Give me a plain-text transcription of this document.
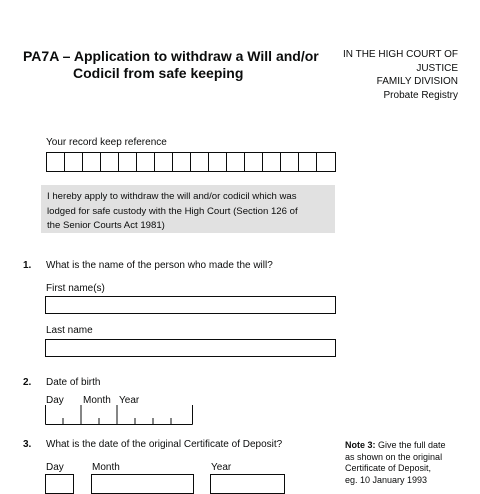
PA7A – Application to withdraw a Will and/or
Codicil from safe keeping
IN THE HIGH COURT OF
JUSTICE
FAMILY DIVISION
Probate Registry
Your record keep reference
I hereby apply to withdraw the will and/or codicil which was
lodged for safe custody with the High Court (Section 126 of
the Senior Courts Act 1981)
1. What is the name of the person who made the will?
First name(s)
Last name
2. Date of birth
Day Month Year
3. What is the date of the original Certificate of Deposit?
Day	Month	Year
Note 3: Give the full date
as shown on the original
Certificate of Deposit,
eg. 10 January 1993
